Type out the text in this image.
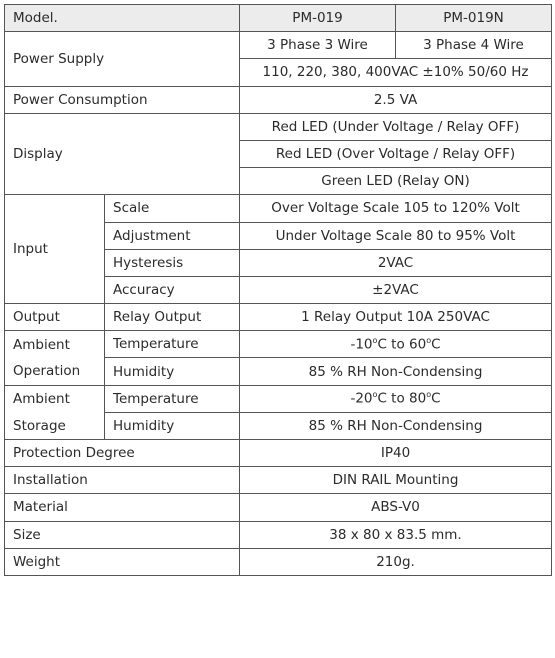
Model.		PM-019	PM-019N
Power Supply		3 Phase 3 Wire	3 Phase 4 Wire
		110, 220, 380, 400VAC ±10% 50/60 Hz	
Power Consumption		2.5 VA	
Display		Red LED (Under Voltage / Relay OFF)	
		Red LED (Over Voltage / Relay OFF)	
		Green LED (Relay ON)	
Input	Scale	Over Voltage Scale 105 to 120% Volt	
	Adjustment	Under Voltage Scale 80 to 95% Volt	
	Hysteresis	2VAC	
	Accuracy	±2VAC	
Output	Relay Output	1 Relay Output 10A 250VAC	
Ambient	Temperature	-10$^o$C to 60$^o$C	
Operation	Humidity	85 % RH Non-Condensing	
Ambient	Temperature	-20$^o$C to 80$^o$C	
Storage	Humidity	85 % RH Non-Condensing	
Protection Degree		IP40	
Installation		DIN RAIL Mounting	
Material		ABS-V0	
Size		38 x 80 x 83.5 mm.	
Weight		210g.	
